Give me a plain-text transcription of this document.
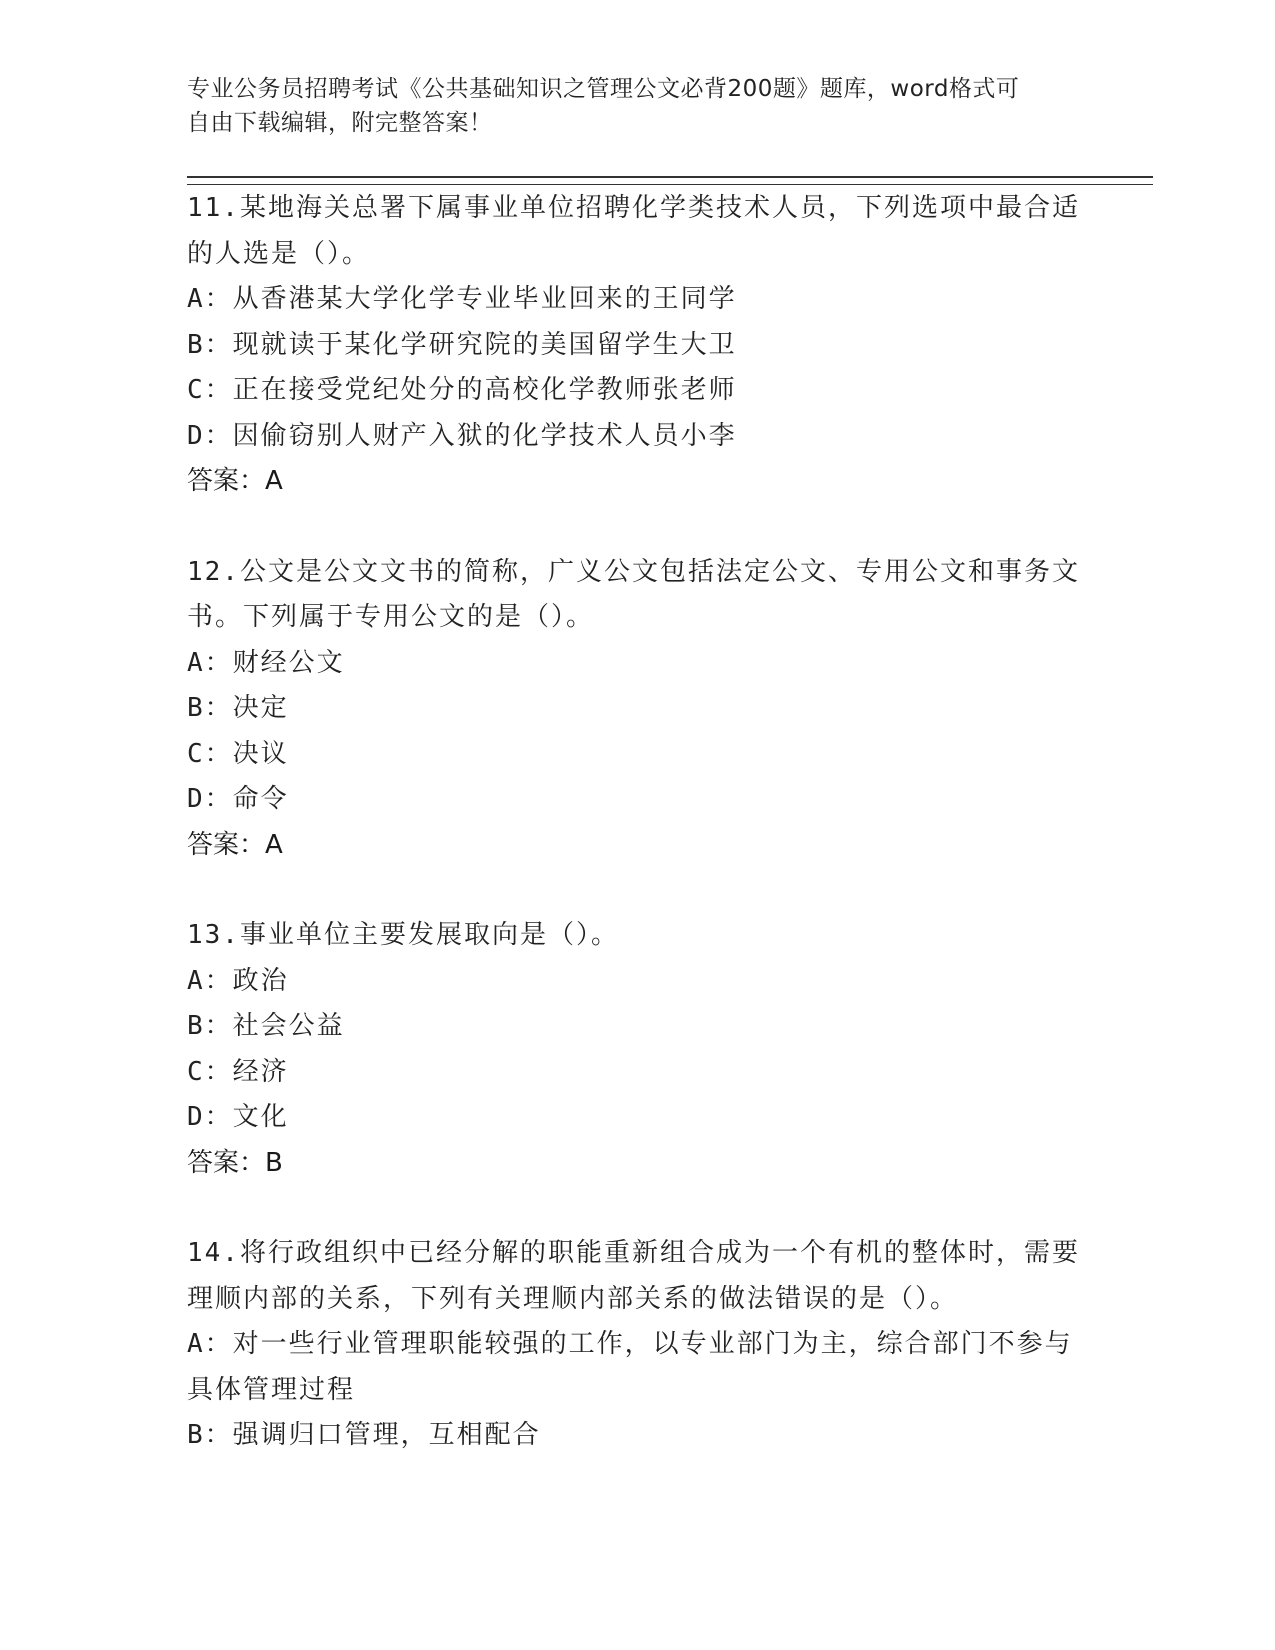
专业公务员招聘考试《公共基础知识之管理公文必背200题》题库，word格式可
自由下载编辑，附完整答案！

11.某地海关总署下属事业单位招聘化学类技术人员，下列选项中最合适的人选是（）。

A：从香港某大学化学专业毕业回来的王同学

B：现就读于某化学研究院的美国留学生大卫

C：正在接受党纪处分的高校化学教师张老师

D：因偷窃别人财产入狱的化学技术人员小李

答案：A

12.公文是公文文书的简称，广义公文包括法定公文、专用公文和事务文书。下列属于专用公文的是（）。

A：财经公文

B：决定

C：决议

D：命令

答案：A

13.事业单位主要发展取向是（）。

A：政治

B：社会公益

C：经济

D：文化

答案：B

14.将行政组织中已经分解的职能重新组合成为一个有机的整体时，需要理顺内部的关系，下列有关理顺内部关系的做法错误的是（）。

A：对一些行业管理职能较强的工作，以专业部门为主，综合部门不参与具体管理过程

B：强调归口管理，互相配合
